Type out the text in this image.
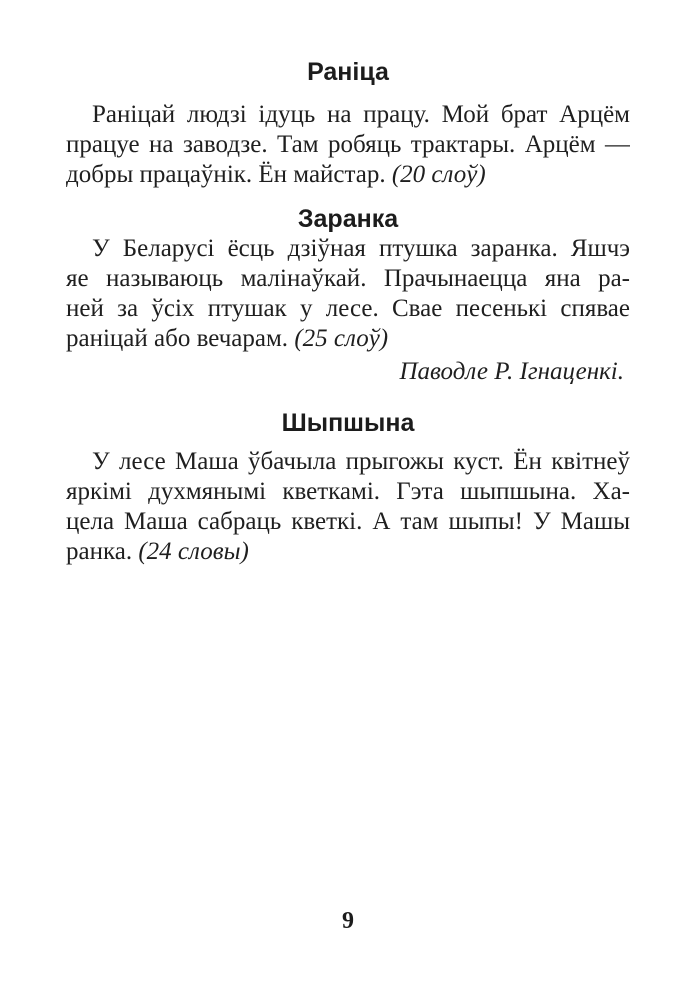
Раніца
Раніцай людзі ідуць на працу. Мой брат Арцём
працуе на заводзе. Там робяць трактары. Арцём —
добры працаўнік. Ён майстар. (20 слоў)
Заранка
У Беларусі ёсць дзіўная птушка заранка. Яшчэ
яе называюць малінаўкай. Прачынаецца яна ра-
ней за ўсіх птушак у лесе. Свае песенькі спявае
раніцай або вечарам. (25 слоў)
Паводле Р. Ігнаценкі.
Шыпшына
У лесе Маша ўбачыла прыгожы куст. Ён квітнеў
яркімі духмянымі кветкамі. Гэта шыпшына. Ха-
цела Маша сабраць кветкі. А там шыпы! У Машы
ранка. (24 словы)
9
